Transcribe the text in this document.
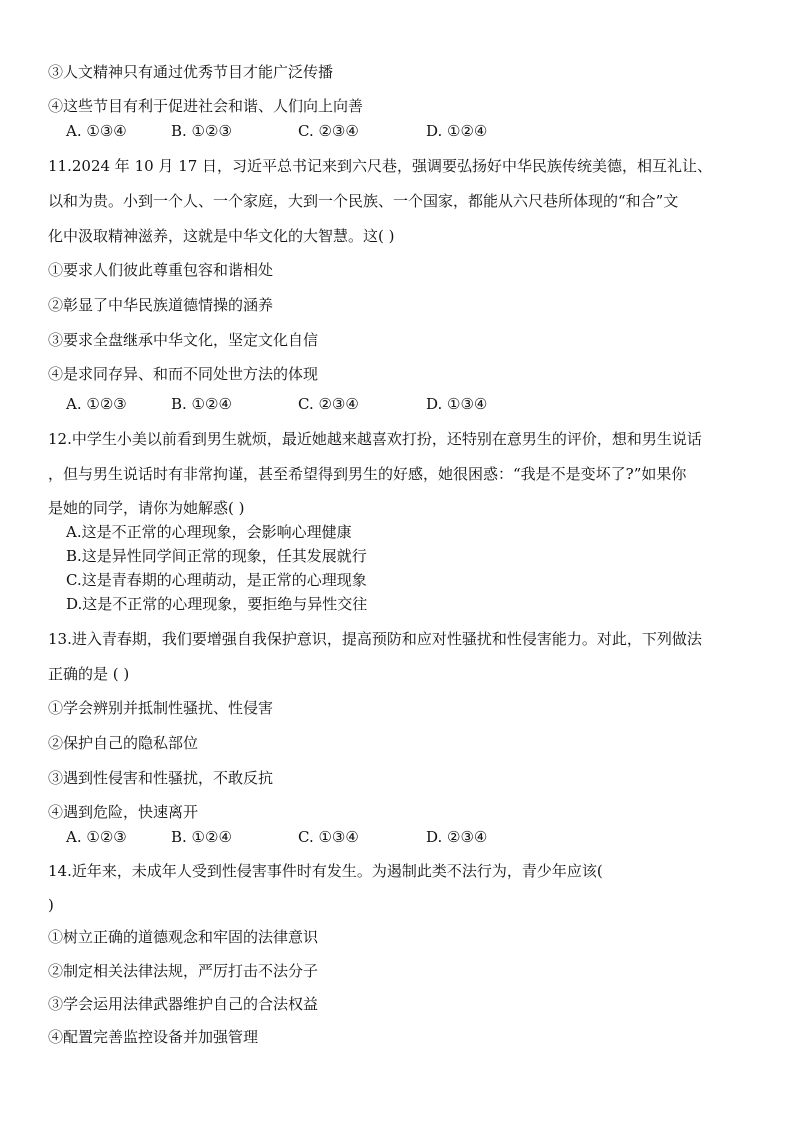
③人文精神只有通过优秀节目才能广泛传播
④这些节目有利于促进社会和谐、人们向上向善
A. ①③④	B. ①②③	C. ②③④	D. ①②④
11.2024 年 10 月 17 日，习近平总书记来到六尺巷，强调要弘扬好中华民族传统美德，相互礼让、
以和为贵。小到一个人、一个家庭，大到一个民族、一个国家，都能从六尺巷所体现的“和合”文
化中汲取精神滋养，这就是中华文化的大智慧。这( )
①要求人们彼此尊重包容和谐相处
②彰显了中华民族道德情操的涵养
③要求全盘继承中华文化，坚定文化自信
④是求同存异、和而不同处世方法的体现
A. ①②③	B. ①②④	C. ②③④	D. ①③④
12.中学生小美以前看到男生就烦，最近她越来越喜欢打扮，还特别在意男生的评价，想和男生说话
，但与男生说话时有非常拘谨，甚至希望得到男生的好感，她很困惑：“我是不是变坏了?”如果你
是她的同学，请你为她解惑( )
A.这是不正常的心理现象，会影响心理健康
B.这是异性同学间正常的现象，任其发展就行
C.这是青春期的心理萌动，是正常的心理现象
D.这是不正常的心理现象，要拒绝与异性交往
13.进入青春期，我们要增强自我保护意识，提高预防和应对性骚扰和性侵害能力。对此，下列做法
正确的是 ( )
①学会辨别并抵制性骚扰、性侵害
②保护自己的隐私部位
③遇到性侵害和性骚扰，不敢反抗
④遇到危险，快速离开
A. ①②③	B. ①②④	C. ①③④	D. ②③④
14.近年来，未成年人受到性侵害事件时有发生。为遏制此类不法行为，青少年应该(
)
①树立正确的道德观念和牢固的法律意识
②制定相关法律法规，严厉打击不法分子
③学会运用法律武器维护自己的合法权益
④配置完善监控设备并加强管理
